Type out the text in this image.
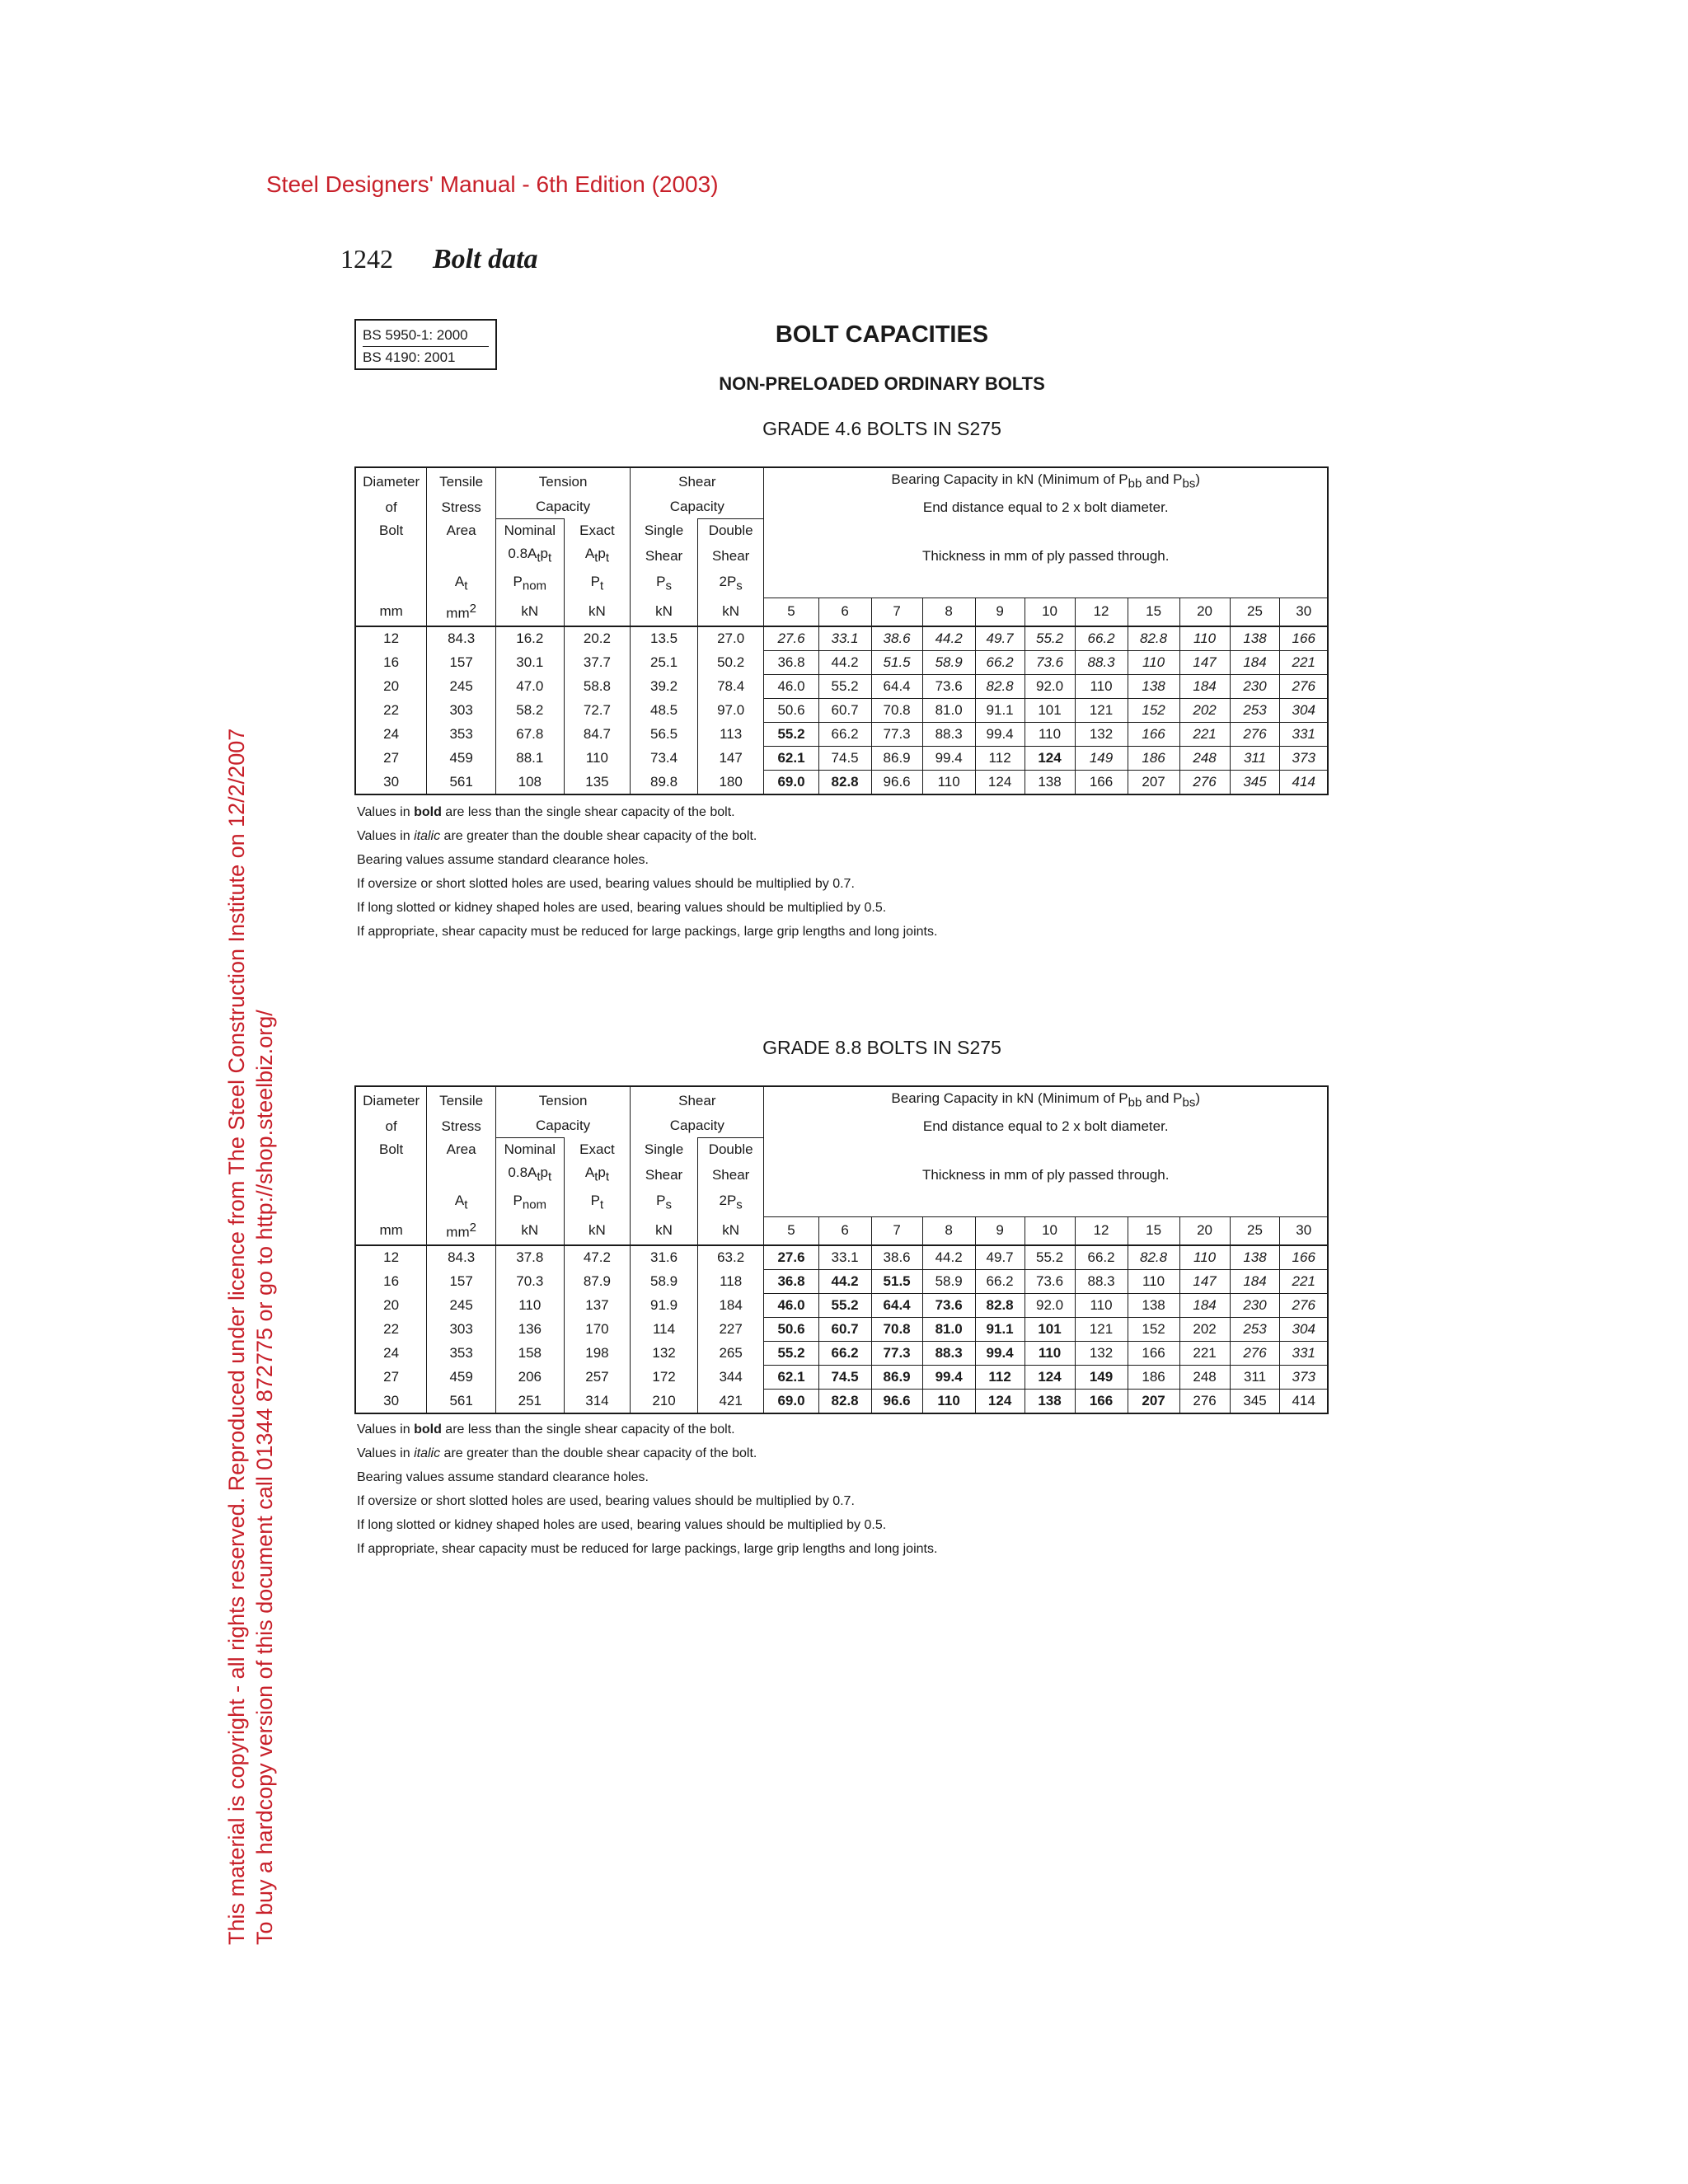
Steel Designers' Manual - 6th Edition (2003)
1242 Bolt data
BS 5950-1: 2000
BS 4190: 2001
BOLT CAPACITIES
NON-PRELOADED ORDINARY BOLTS
GRADE 4.6 BOLTS IN S275
Diameter	Tensile	Tension		Shear		Bearing Capacity in kN (Minimum of $P_{bb}$ and $P_{bs}$)										
of	Stress	Capacity		Capacity		End distance equal to 2 x bolt diameter.										
Bolt	Area	Nominal	Exact	Single	Double											
		$0.8A_tp_t$	$A_tp_t$	Shear	Shear	Thickness in mm of ply passed through.										
	$A_t$	$P_{nom}$	$P_t$	$P_s$	$2P_s$	
mm	$mm^2$	kN	kN	kN	kN	5	6	7	8	9	10	12	15	20	25	30
12	84.3	16.2	20.2	13.5	27.0	27.6	33.1	38.6	44.2	49.7	55.2	66.2	82.8	110	138	166
16	157	30.1	37.7	25.1	50.2	36.8	44.2	51.5	58.9	66.2	73.6	88.3	110	147	184	221
20	245	47.0	58.8	39.2	78.4	46.0	55.2	64.4	73.6	82.8	92.0	110	138	184	230	276
22	303	58.2	72.7	48.5	97.0	50.6	60.7	70.8	81.0	91.1	101	121	152	202	253	304
24	353	67.8	84.7	56.5	113	55.2	66.2	77.3	88.3	99.4	110	132	166	221	276	331
27	459	88.1	110	73.4	147	62.1	74.5	86.9	99.4	112	124	149	186	248	311	373
30	561	108	135	89.8	180	69.0	82.8	96.6	110	124	138	166	207	276	345	414

Values in bold are less than the single shear capacity of the bolt.

Values in italic are greater than the double shear capacity of the bolt.

Bearing values assume standard clearance holes.

If oversize or short slotted holes are used, bearing values should be multiplied by 0.7.

If long slotted or kidney shaped holes are used, bearing values should be multiplied by 0.5.

If appropriate, shear capacity must be reduced for large packings, large grip lengths and long joints.

GRADE 8.8 BOLTS IN S275
Diameter	Tensile	Tension		Shear		Bearing Capacity in kN (Minimum of $P_{bb}$ and $P_{bs}$)										
of	Stress	Capacity		Capacity		End distance equal to 2 x bolt diameter.										
Bolt	Area	Nominal	Exact	Single	Double											
		$0.8A_tp_t$	$A_tp_t$	Shear	Shear	Thickness in mm of ply passed through.										
	$A_t$	$P_{nom}$	$P_t$	$P_s$	$2P_s$	
mm	$mm^2$	kN	kN	kN	kN	5	6	7	8	9	10	12	15	20	25	30
12	84.3	37.8	47.2	31.6	63.2	27.6	33.1	38.6	44.2	49.7	55.2	66.2	82.8	110	138	166
16	157	70.3	87.9	58.9	118	36.8	44.2	51.5	58.9	66.2	73.6	88.3	110	147	184	221
20	245	110	137	91.9	184	46.0	55.2	64.4	73.6	82.8	92.0	110	138	184	230	276
22	303	136	170	114	227	50.6	60.7	70.8	81.0	91.1	101	121	152	202	253	304
24	353	158	198	132	265	55.2	66.2	77.3	88.3	99.4	110	132	166	221	276	331
27	459	206	257	172	344	62.1	74.5	86.9	99.4	112	124	149	186	248	311	373
30	561	251	314	210	421	69.0	82.8	96.6	110	124	138	166	207	276	345	414

Values in bold are less than the single shear capacity of the bolt.

Values in italic are greater than the double shear capacity of the bolt.

Bearing values assume standard clearance holes.

If oversize or short slotted holes are used, bearing values should be multiplied by 0.7.

If long slotted or kidney shaped holes are used, bearing values should be multiplied by 0.5.

If appropriate, shear capacity must be reduced for large packings, large grip lengths and long joints.

This material is copyright - all rights reserved. Reproduced under licence from The Steel Construction Institute on 12/2/2007 To buy a hardcopy version of this document call 01344 872775 or go to http://shop.steelbiz.org/
